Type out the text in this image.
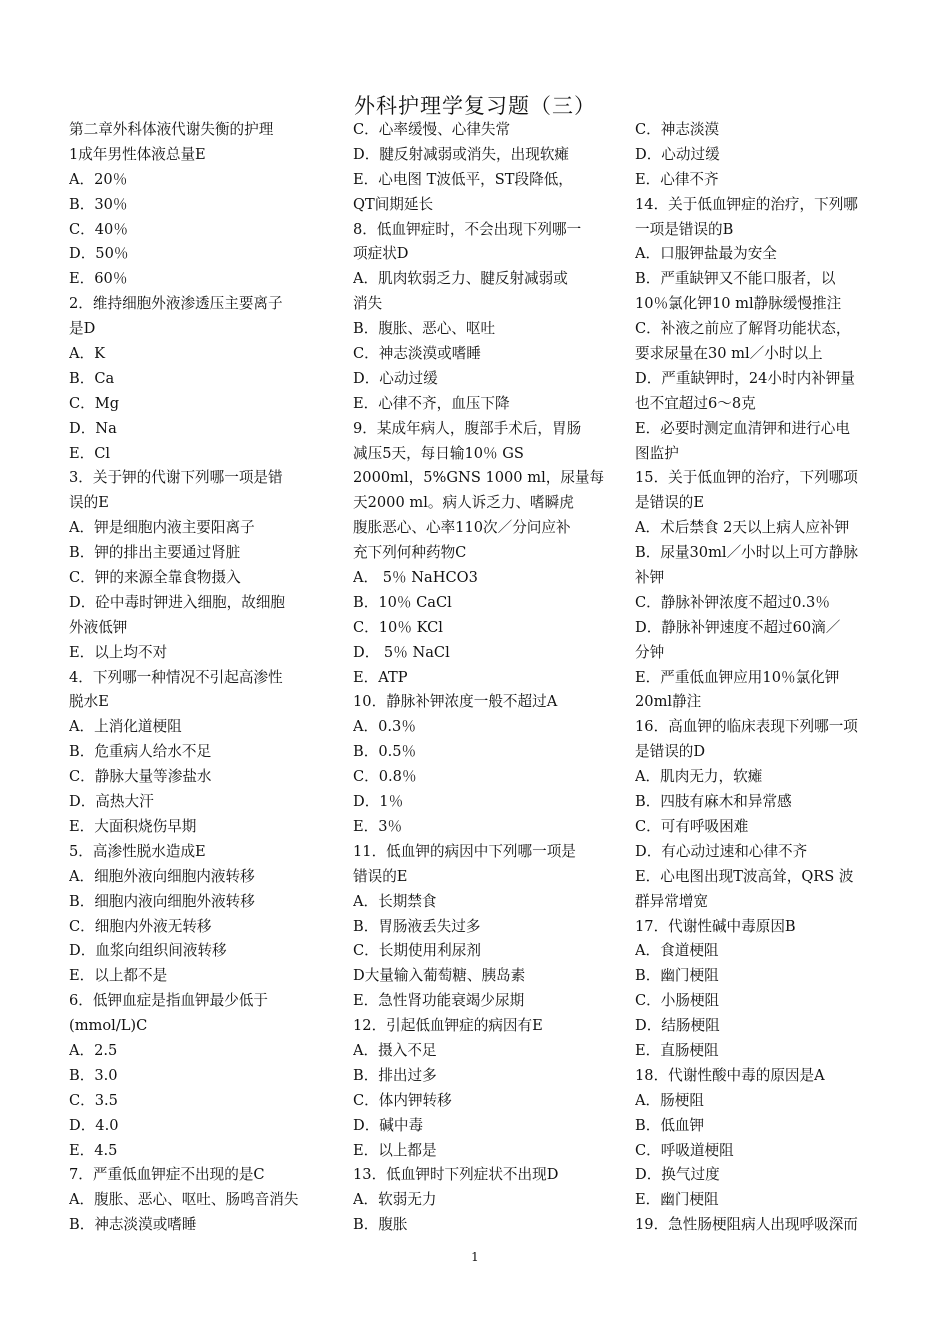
外科护理学复习题（三）
第二章外科体液代谢失衡的护理
1成年男性体液总量E
A．20％
B．30％
C．40％
D．50％
E．60％
2．维持细胞外液渗透压主要离子
是D
A．K
B．Ca
C．Mg
D．Na
E．Cl
3．关于钾的代谢下列哪一项是错
误的E
A．钾是细胞内液主要阳离子
B．钾的排出主要通过肾脏
C．钾的来源全靠食物摄入
D．砼中毒时钾进入细胞，故细胞
外液低钾
E．以上均不对
4．下列哪一种情况不引起高渗性
脱水E
A．上消化道梗阻
B．危重病人给水不足
C．静脉大量等渗盐水
D．高热大汗
E．大面积烧伤早期
5．高渗性脱水造成E
A．细胞外液向细胞内液转移
B．细胞内液向细胞外液转移
C．细胞内外液无转移
D．血浆向组织间液转移
E．以上都不是
6．低钾血症是指血钾最少低于
(mmol/L)C
A．2.5
B．3.0
C．3.5
D．4.0
E．4.5
7．严重低血钾症不出现的是C
A．腹胀、恶心、呕吐、肠鸣音消失
B．神志淡漠或嗜睡
C．心率缓慢、心律失常
D．腱反射减弱或消失，出现软瘫
E．心电图 T波低平，ST段降低，
QT间期延长
8．低血钾症时，不会出现下列哪一
项症状D
A．肌肉软弱乏力、腱反射减弱或
消失
B．腹胀、恶心、呕吐
C．神志淡漠或嗜睡
D．心动过缓
E．心律不齐，血压下降
9．某成年病人，腹部手术后，胃肠
减压5天，每日输10％ GS
2000ml，5%GNS 1000 ml，尿量每
天2000 ml。病人诉乏力、嗜瞬虎
腹胀恶心、心率110次／分问应补
充下列何种药物C
A． 5％ NaHCO3
B．10％ CaCl
C．10％ KCl
D． 5％ NaCl
E．ATP
10．静脉补钾浓度一般不超过A
A．0.3％
B．0.5％
C．0.8％
D．1％
E．3％
11．低血钾的病因中下列哪一项是
错误的E
A．长期禁食
B．胃肠液丢失过多
C．长期使用利尿剂
D大量输入葡萄糖、胰岛素
E．急性肾功能衰竭少尿期
12．引起低血钾症的病因有E
A．摄入不足
B．排出过多
C．体内钾转移
D．碱中毒
E．以上都是
13．低血钾时下列症状不出现D
A．软弱无力
B．腹胀
C．神志淡漠
D．心动过缓
E．心律不齐
14．关于低血钾症的治疗，下列哪
一项是错误的B
A．口服钾盐最为安全
B．严重缺钾又不能口服者，以
10％氯化钾10 ml静脉缓慢推注
C．补液之前应了解肾功能状态，
要求尿量在30 ml／小时以上
D．严重缺钾时，24小时内补钾量
也不宜超过6～8克
E．必要时测定血清钾和进行心电
图监护
15．关于低血钾的治疗，下列哪项
是错误的E
A．术后禁食 2天以上病人应补钾
B．尿量30ml／小时以上可方静脉
补钾
C．静脉补钾浓度不超过0.3％
D．静脉补钾速度不超过60滴／
分钟
E．严重低血钾应用10％氯化钾
20ml静注
16．高血钾的临床表现下列哪一项
是错误的D
A．肌肉无力，软瘫
B．四肢有麻木和异常感
C．可有呼吸困难
D．有心动过速和心律不齐
E．心电图出现T波高耸，QRS 波
群异常增宽
17．代谢性碱中毒原因B
A．食道梗阻
B．幽门梗阻
C．小肠梗阻
D．结肠梗阻
E．直肠梗阻
18．代谢性酸中毒的原因是A
A．肠梗阻
B．低血钾
C．呼吸道梗阻
D．换气过度
E．幽门梗阻
19．急性肠梗阻病人出现呼吸深而
1
